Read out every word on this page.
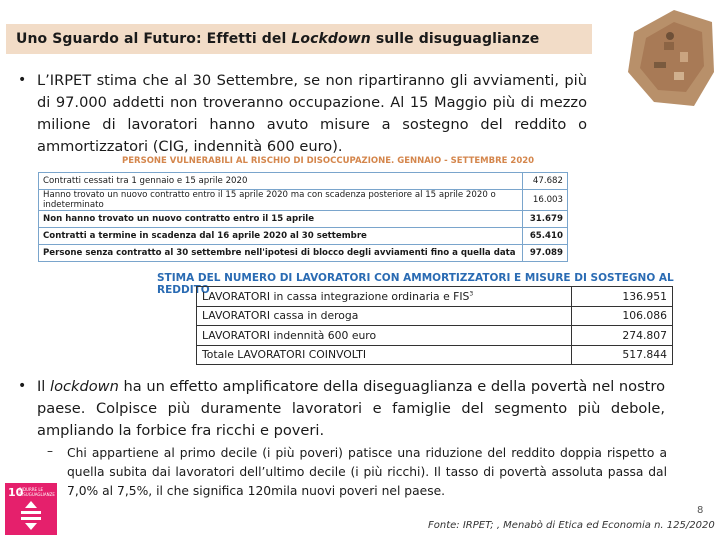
Uno Sguardo al Futuro: Effetti del Lockdown sulle disuguaglianze
• L’IRPET stima che al 30 Settembre, se non ripartiranno gli avviamenti, più di 97.000 addetti non troveranno occupazione. Al 15 Maggio più di mezzo milione di lavoratori hanno avuto misure a sostegno del reddito o ammortizzatori (CIG, indennità 600 euro).
PERSONE VULNERABILI AL RISCHIO DI DISOCCUPAZIONE. GENNAIO - SETTEMBRE 2020
Contratti cessati tra 1 gennaio e 15 aprile 2020	47.682
Hanno trovato un nuovo contratto entro il 15 aprile 2020 ma con scadenza posteriore al 15 aprile 2020 o indeterminato	16.003
Non hanno trovato un nuovo contratto entro il 15 aprile	31.679
Contratti a termine in scadenza dal 16 aprile 2020 al 30 settembre	65.410
Persone senza contratto al 30 settembre nell'ipotesi di blocco degli avviamenti fino a quella data	97.089
STIMA DEL NUMERO DI LAVORATORI CON AMMORTIZZATORI E MISURE DI SOSTEGNO AL REDDITO
LAVORATORI in cassa integrazione ordinaria e FIS$^3$	136.951
LAVORATORI cassa in deroga	106.086
LAVORATORI indennità 600 euro	274.807
Totale LAVORATORI COINVOLTI	517.844
• Il lockdown ha un effetto amplificatore della diseguaglianza e della povertà nel nostro paese. Colpisce più duramente lavoratori e famiglie del segmento più debole, ampliando la forbice fra ricchi e poveri.
– Chi appartiene al primo decile (i più poveri) patisce una riduzione del reddito doppia rispetto a quella subita dai lavoratori dell’ultimo decile (i più ricchi). Il tasso di povertà assoluta passa dal 7,0% al 7,5%, il che significa 120mila nuovi poveri nel paese.
10
RIDURRE LE DISUGUAGLIANZE
8
Fonte: IRPET; , Menabò di Etica ed Economia n. 125/2020
